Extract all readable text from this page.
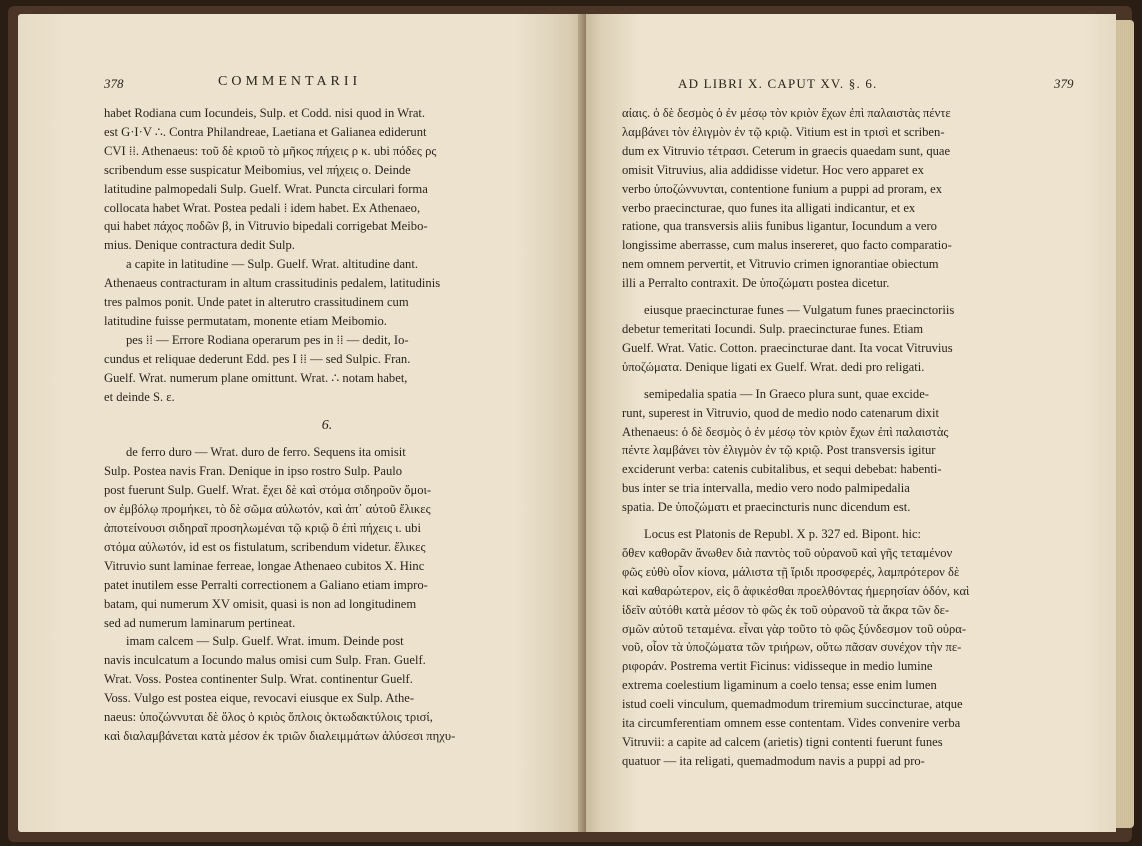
378	COMMENTARII

habet Rodiana cum Iocundeis, Sulp. et Codd. nisi quod in Wrat.

est G·I·V ∴. Contra Philandreae, Laetiana et Galianea ediderunt

CVI ⁞⁞. Athenaeus: τοῦ δὲ κριοῦ τὸ μῆκος πήχεις ρ κ. ubi πόδες ρς

scribendum esse suspicatur Meibomius, vel πήχεις ο. Deinde

latitudine palmopedali Sulp. Guelf. Wrat. Puncta circulari forma

collocata habet Wrat. Postea pedali ⁞ idem habet. Ex Athenaeo,

qui habet πάχος ποδῶν β, in Vitruvio bipedali corrigebat Meibo-

mius. Denique contractura dedit Sulp.

a capite in latitudine — Sulp. Guelf. Wrat. altitudine dant.

Athenaeus contracturam in altum crassitudinis pedalem, latitudinis

tres palmos ponit. Unde patet in alterutro crassitudinem cum

latitudine fuisse permutatam, monente etiam Meibomio.

pes ⁞⁞ — Errore Rodiana operarum pes in ⁞⁞ — dedit, Io-

cundus et reliquae dederunt Edd. pes I ⁞⁞ — sed Sulpic. Fran.

Guelf. Wrat. numerum plane omittunt. Wrat. ∴ notam habet,

et deinde S. ε.

6.

de ferro duro — Wrat. duro de ferro. Sequens ita omisit

Sulp. Postea navis Fran. Denique in ipso rostro Sulp. Paulo

post fuerunt Sulp. Guelf. Wrat. ἔχει δὲ καὶ στόμα σιδηροῦν ὅμοι-

ον ἐμβόλῳ προμήκει, τὸ δὲ σῶμα αὐλωτόν, καὶ ἀπ᾽ αὐτοῦ ἔλικες

ἀποτείνουσι σιδηραῖ προσηλωμέναι τῷ κριῷ ὃ ἐπὶ πήχεις ι. ubi

στόμα αὐλωτόν, id est os fistulatum, scribendum videtur. ἔλικες

Vitruvio sunt laminae ferreae, longae Athenaeo cubitos X. Hinc

patet inutilem esse Perralti correctionem a Galiano etiam impro-

batam, qui numerum XV omisit, quasi is non ad longitudinem

sed ad numerum laminarum pertineat.

imam calcem — Sulp. Guelf. Wrat. imum. Deinde post

navis inculcatum a Iocundo malus omisi cum Sulp. Fran. Guelf.

Wrat. Voss. Postea continenter Sulp. Wrat. continentur Guelf.

Voss. Vulgo est postea eique, revocavi eiusque ex Sulp. Athe-

naeus: ὑποζώννυται δὲ ὅλος ὁ κριὸς ὅπλοις ὀκτωδακτύλοις τρισί,

καὶ διαλαμβάνεται κατὰ μέσον ἐκ τριῶν διαλειμμάτων ἁλύσεσι πηχυ-

AD LIBRI X. CAPUT XV. §. 6.	379

αίαις. ὁ δὲ δεσμὸς ὁ ἐν μέσῳ τὸν κριὸν ἔχων ἐπὶ παλαιστὰς πέντε

λαμβάνει τὸν ἐλιγμὸν ἐν τῷ κριῷ. Vitium est in τρισὶ et scriben-

dum ex Vitruvio τέτρασι. Ceterum in graecis quaedam sunt, quae

omisit Vitruvius, alia addidisse videtur. Hoc vero apparet ex

verbo ὑποζώννυνται, contentione funium a puppi ad proram, ex

verbo praecincturae, quo funes ita alligati indicantur, et ex

ratione, qua transversis aliis funibus ligantur, Iocundum a vero

longissime aberrasse, cum malus insereret, quo facto comparatio-

nem omnem pervertit, et Vitruvio crimen ignorantiae obiectum

illi a Perralto contraxit. De ὑποζώματι postea dicetur.

eiusque praecincturae funes — Vulgatum funes praecinctoriis

debetur temeritati Iocundi. Sulp. praecincturae funes. Etiam

Guelf. Wrat. Vatic. Cotton. praecincturae dant. Ita vocat Vitruvius

ὑποζώματα. Denique ligati ex Guelf. Wrat. dedi pro religati.

semipedalia spatia — In Graeco plura sunt, quae excide-

runt, superest in Vitruvio, quod de medio nodo catenarum dixit

Athenaeus: ὁ δὲ δεσμὸς ὁ ἐν μέσῳ τὸν κριὸν ἔχων ἐπὶ παλαιστὰς

πέντε λαμβάνει τὸν ἐλιγμὸν ἐν τῷ κριῷ. Post transversis igitur

exciderunt verba: catenis cubitalibus, et sequi debebat: habenti-

bus inter se tria intervalla, medio vero nodo palmipedalia

spatia. De ὑποζώματι et praecincturis nunc dicendum est.

Locus est Platonis de Republ. X p. 327 ed. Bipont. hic:

ὅθεν καθορᾶν ἄνωθεν διὰ παντὸς τοῦ οὐρανοῦ καὶ γῆς τεταμένον

φῶς εὐθὺ οἷον κίονα, μάλιστα τῇ ἴριδι προσφερές, λαμπρότερον δὲ

καὶ καθαρώτερον, εἰς ὃ ἀφικέσθαι προελθόντας ἡμερησίαν ὁδόν, καὶ

ἰδεῖν αὐτόθι κατὰ μέσον τὸ φῶς ἐκ τοῦ οὐρανοῦ τὰ ἄκρα τῶν δε-

σμῶν αὐτοῦ τεταμένα. εἶναι γὰρ τοῦτο τὸ φῶς ξύνδεσμον τοῦ οὐρα-

νοῦ, οἷον τὰ ὑποζώματα τῶν τριήρων, οὕτω πᾶσαν συνέχον τὴν πε-

ριφοράν. Postrema vertit Ficinus: vidisseque in medio lumine

extrema coelestium ligaminum a coelo tensa; esse enim lumen

istud coeli vinculum, quemadmodum triremium succincturae, atque

ita circumferentiam omnem esse contentam. Vides convenire verba

Vitruvii: a capite ad calcem (arietis) tigni contenti fuerunt funes

quatuor — ita religati, quemadmodum navis a puppi ad pro-
